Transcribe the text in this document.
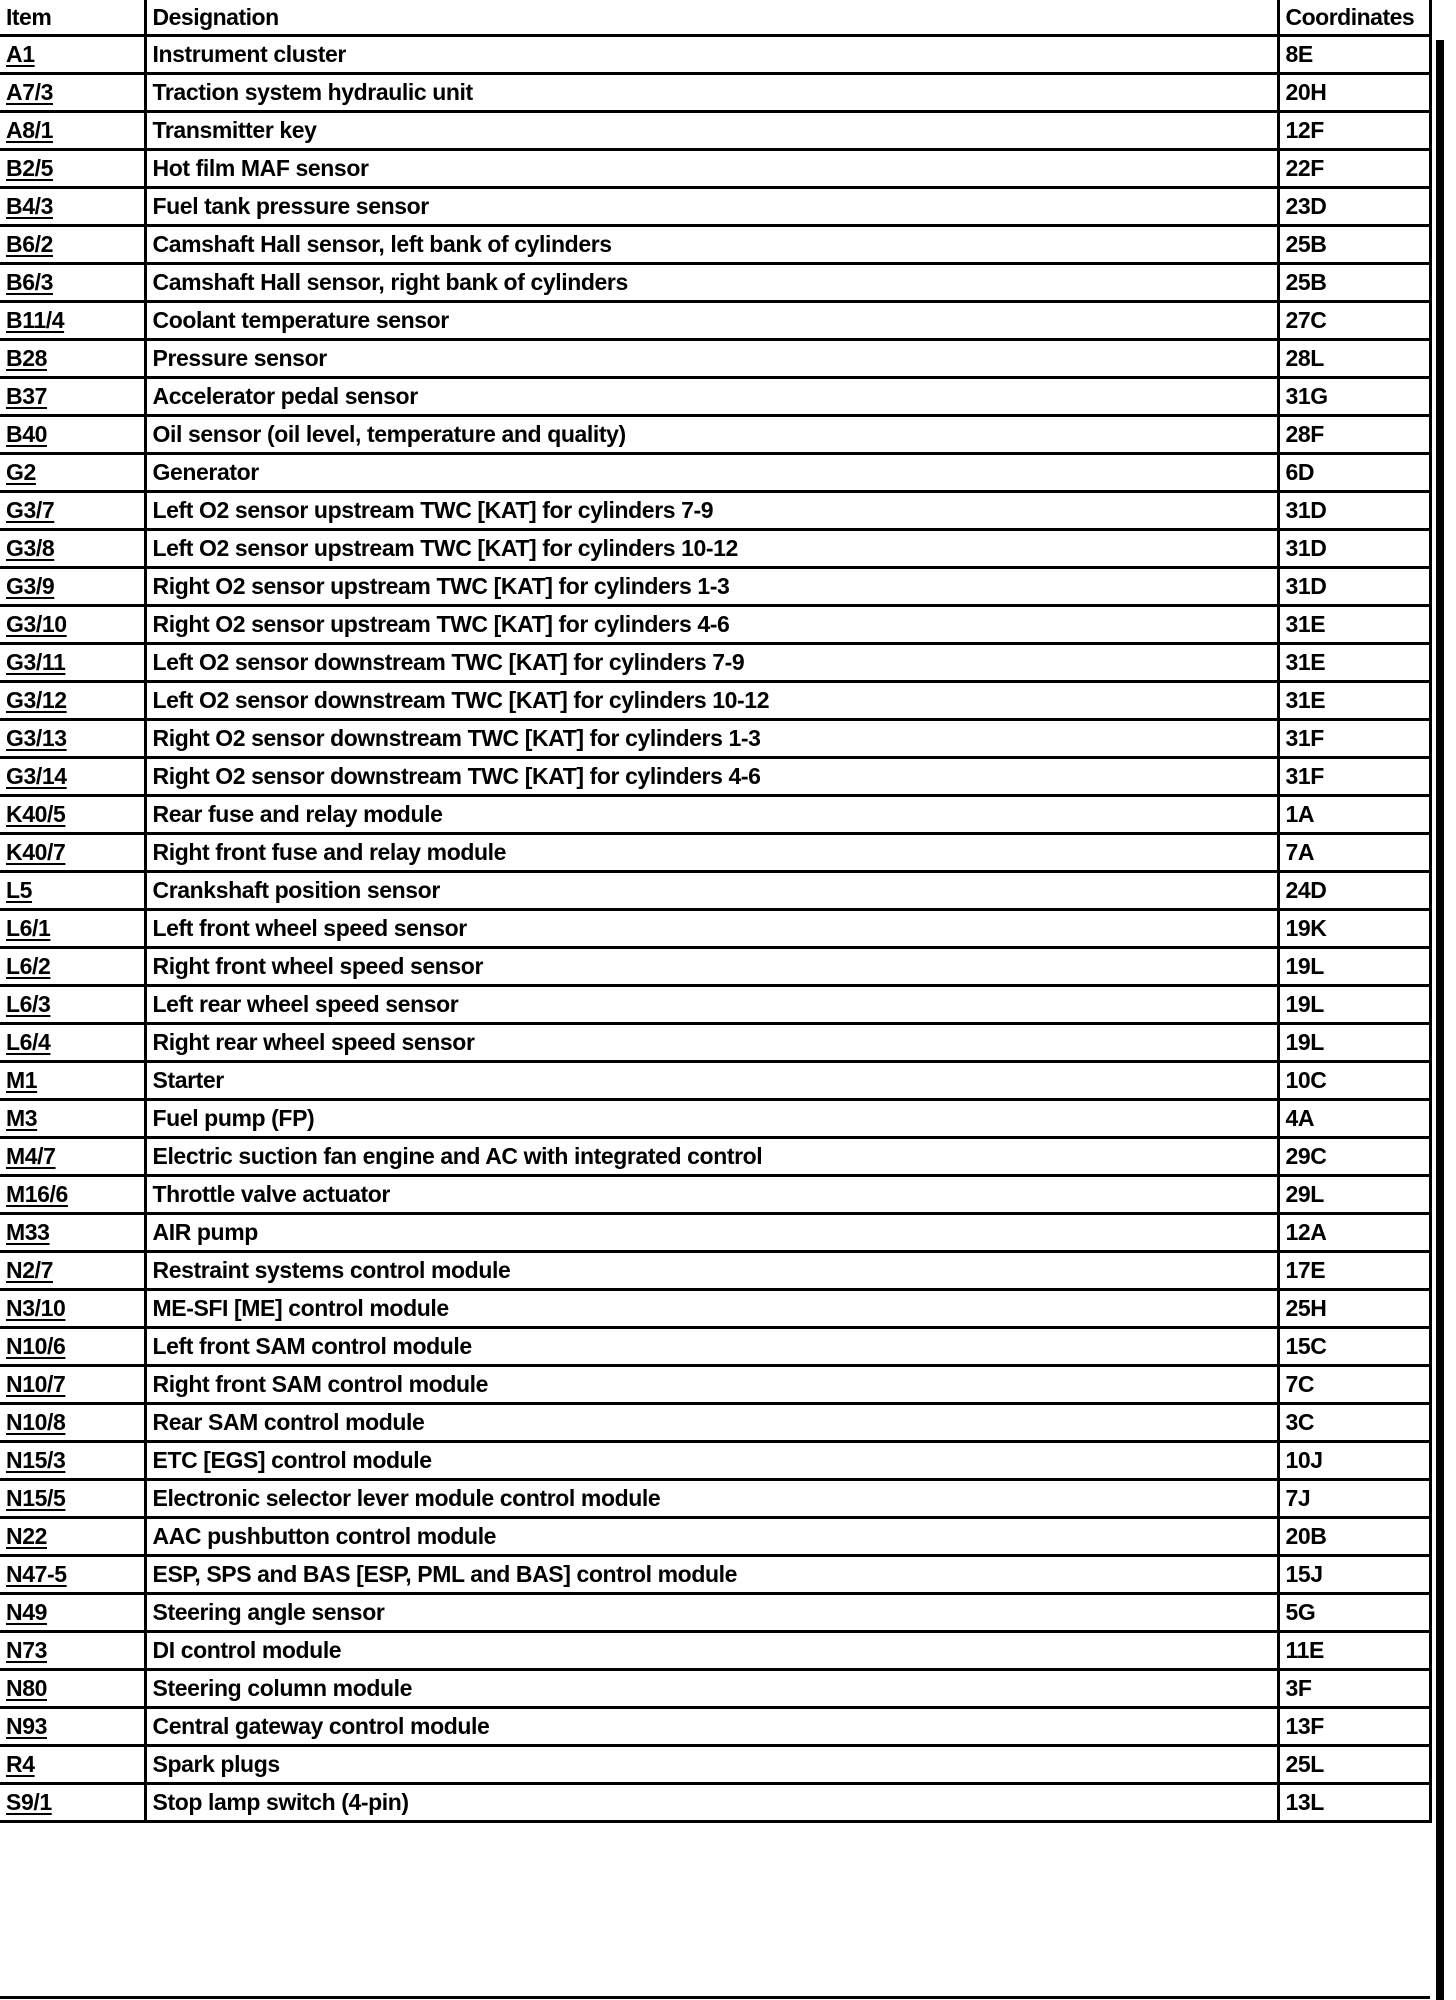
Item	Designation	Coordinates
A1	Instrument cluster	8E
A7/3	Traction system hydraulic unit	20H
A8/1	Transmitter key	12F
B2/5	Hot film MAF sensor	22F
B4/3	Fuel tank pressure sensor	23D
B6/2	Camshaft Hall sensor, left bank of cylinders	25B
B6/3	Camshaft Hall sensor, right bank of cylinders	25B
B11/4	Coolant temperature sensor	27C
B28	Pressure sensor	28L
B37	Accelerator pedal sensor	31G
B40	Oil sensor (oil level, temperature and quality)	28F
G2	Generator	6D
G3/7	Left O2 sensor upstream TWC [KAT] for cylinders 7-9	31D
G3/8	Left O2 sensor upstream TWC [KAT] for cylinders 10-12	31D
G3/9	Right O2 sensor upstream TWC [KAT] for cylinders 1-3	31D
G3/10	Right O2 sensor upstream TWC [KAT] for cylinders 4-6	31E
G3/11	Left O2 sensor downstream TWC [KAT] for cylinders 7-9	31E
G3/12	Left O2 sensor downstream TWC [KAT] for cylinders 10-12	31E
G3/13	Right O2 sensor downstream TWC [KAT] for cylinders 1-3	31F
G3/14	Right O2 sensor downstream TWC [KAT] for cylinders 4-6	31F
K40/5	Rear fuse and relay module	1A
K40/7	Right front fuse and relay module	7A
L5	Crankshaft position sensor	24D
L6/1	Left front wheel speed sensor	19K
L6/2	Right front wheel speed sensor	19L
L6/3	Left rear wheel speed sensor	19L
L6/4	Right rear wheel speed sensor	19L
M1	Starter	10C
M3	Fuel pump (FP)	4A
M4/7	Electric suction fan engine and AC with integrated control	29C
M16/6	Throttle valve actuator	29L
M33	AIR pump	12A
N2/7	Restraint systems control module	17E
N3/10	ME-SFI [ME] control module	25H
N10/6	Left front SAM control module	15C
N10/7	Right front SAM control module	7C
N10/8	Rear SAM control module	3C
N15/3	ETC [EGS] control module	10J
N15/5	Electronic selector lever module control module	7J
N22	AAC pushbutton control module	20B
N47-5	ESP, SPS and BAS [ESP, PML and BAS] control module	15J
N49	Steering angle sensor	5G
N73	DI control module	11E
N80	Steering column module	3F
N93	Central gateway control module	13F
R4	Spark plugs	25L
S9/1	Stop lamp switch (4-pin)	13L
